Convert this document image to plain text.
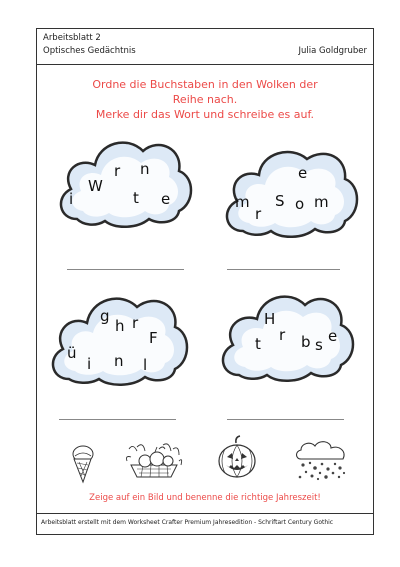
Arbeitsblatt 2
Optisches Gedächtnis	Julia Goldgruber
Ordne die Buchstaben in den Wolken der
Reihe nach.
Merke dir das Wort und schreibe es auf.
r n
W
i	t e
e
m S o m
r
g
h r
F
ü
i n l
H
r
t	e
b s
Zeige auf ein Bild und benenne die richtige Jahreszeit!
Arbeitsblatt erstellt mit dem Worksheet Crafter Premium Jahresedition - Schriftart Century Gothic
